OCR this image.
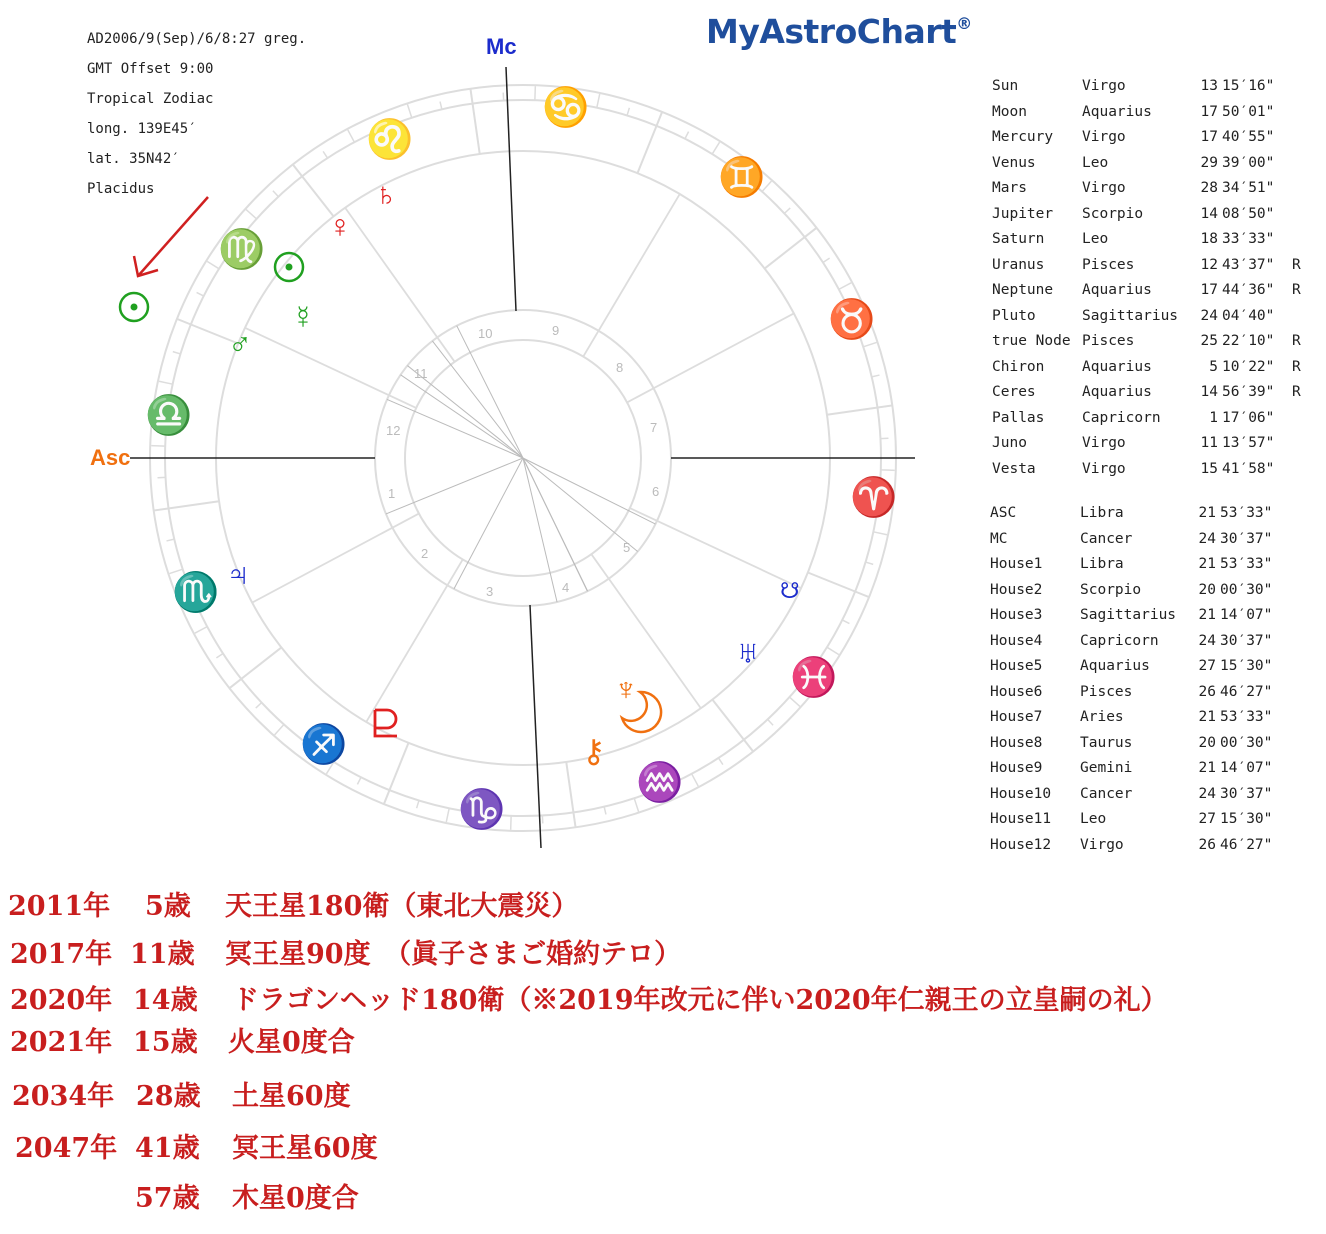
AD2006/9(Sep)/6/8:27 greg.
GMT Offset 9:00
Tropical Zodiac
long. 139E45′
lat. 35N42′
Placidus
MyAstroChart®
Mc
Asc
10	9
8
7
6
5
4
3
2
1
12
11
♋
♊
♉
♈
♓
♒
♑
♐
♏
♎
♍
♌
☿
♂
♀
♄
♃
♅
⚷
♆
☋
Sun	Virgo	13 15′16"
Moon	Aquarius	17 50′01"
Mercury Virgo	17 40′55"
Venus	Leo	29 39′00"
Mars	Virgo	28 34′51"
Jupiter Scorpio	14 08′50"
Saturn	Leo	18 33′33"
Uranus	Pisces	12 43′37" R
Neptune Aquarius	17 44′36" R
Pluto	Sagittarius	24 04′40"
true Node Pisces	25 22′10" R
Chiron	Aquarius	5 10′22" R
Ceres	Aquarius	14 56′39" R
Pallas	Capricorn	1 17′06"
Juno	Virgo	11 13′57"
Vesta	Virgo	15 41′58"
ASC	Libra	21 53′33"
MC	Cancer	24 30′37"
House1	Libra	21 53′33"
House2	Scorpio	20 00′30"
House3	Sagittarius	21 14′07"
House4	Capricorn	24 30′37"
House5	Aquarius	27 15′30"
House6	Pisces	26 46′27"
House7	Aries	21 53′33"
House8	Taurus	20 00′30"
House9	Gemini	21 14′07"
House10 Cancer	24 30′37"
House11 Leo	27 15′30"
House12 Virgo	26 46′27"
2011年 5歳 天王星180衛（東北大震災）
2017年 11歳 冥王星90度　（眞子さまご婚約テロ）
2020年 14歳 ドラゴンヘッド180衛（※2019年改元に伴い2020年仁親王の立皇嗣の礼）
2021年 15歳 火星0度合
2034年 28歳 土星60度
2047年 41歳 冥王星60度
57歳 木星0度合
